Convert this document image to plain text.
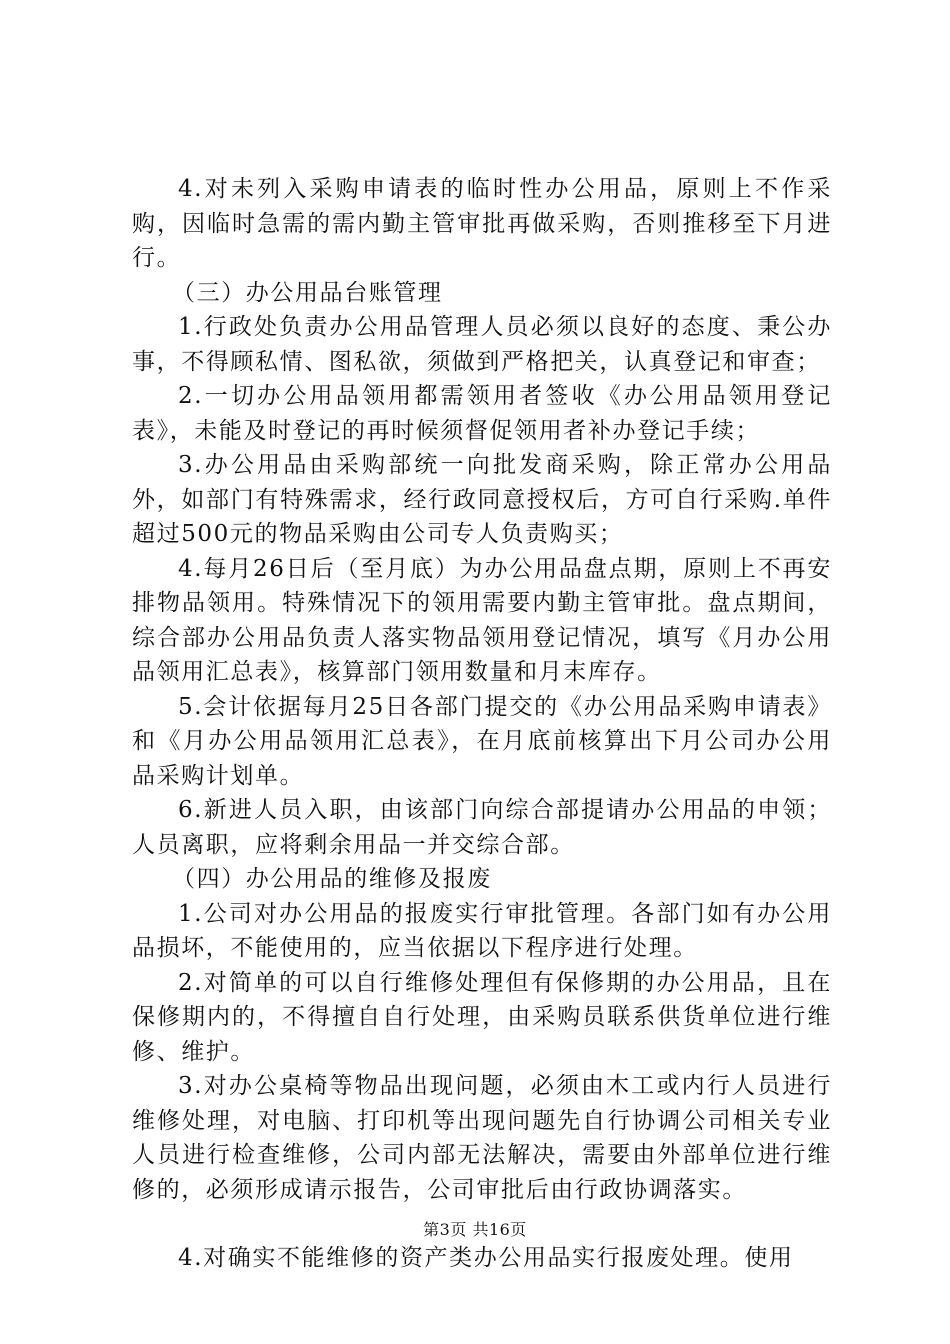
4.对未列入采购申请表的临时性办公用品，原则上不作采购，因临时急需的需内勤主管审批再做采购，否则推移至下月进行。

（三）办公用品台账管理

1.行政处负责办公用品管理人员必须以良好的态度、秉公办事，不得顾私情、图私欲，须做到严格把关，认真登记和审查；

2.一切办公用品领用都需领用者签收《办公用品领用登记表》，未能及时登记的再时候须督促领用者补办登记手续；

3.办公用品由采购部统一向批发商采购，除正常办公用品外，如部门有特殊需求，经行政同意授权后，方可自行采购.单件超过500元的物品采购由公司专人负责购买；

4.每月26日后（至月底）为办公用品盘点期，原则上不再安排物品领用。特殊情况下的领用需要内勤主管审批。盘点期间，综合部办公用品负责人落实物品领用登记情况，填写《月办公用品领用汇总表》，核算部门领用数量和月末库存。

5.会计依据每月25日各部门提交的《办公用品采购申请表》和《月办公用品领用汇总表》，在月底前核算出下月公司办公用品采购计划单。

6.新进人员入职，由该部门向综合部提请办公用品的申领；人员离职，应将剩余用品一并交综合部。

（四）办公用品的维修及报废

1.公司对办公用品的报废实行审批管理。各部门如有办公用品损坏，不能使用的，应当依据以下程序进行处理。

2.对简单的可以自行维修处理但有保修期的办公用品，且在保修期内的，不得擅自自行处理，由采购员联系供货单位进行维修、维护。

3.对办公桌椅等物品出现问题，必须由木工或内行人员进行维修处理，对电脑、打印机等出现问题先自行协调公司相关专业人员进行检查维修，公司内部无法解决，需要由外部单位进行维修的，必须形成请示报告，公司审批后由行政协调落实。

4.对确实不能维修的资产类办公用品实行报废处理。使用

第3页 共16页
